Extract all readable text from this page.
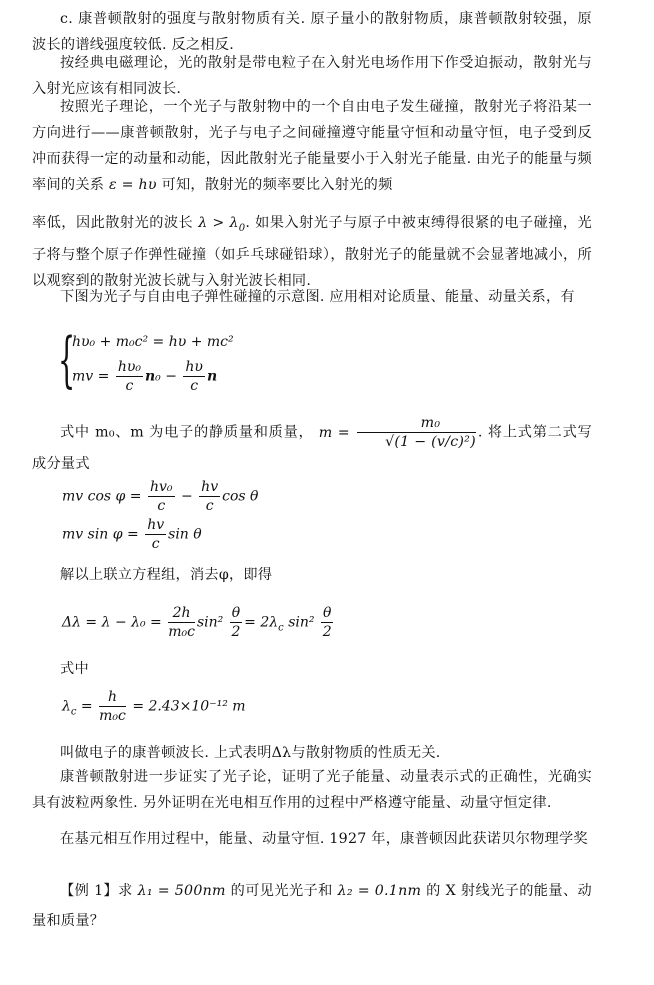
c. 康普顿散射的强度与散射物质有关. 原子量小的散射物质，康普顿散射较强，原波长的谱线强度较低. 反之相反.
按经典电磁理论，光的散射是带电粒子在入射光电场作用下作受迫振动，散射光与入射光应该有相同波长.
按照光子理论，一个光子与散射物中的一个自由电子发生碰撞，散射光子将沿某一方向进行——康普顿散射，光子与电子之间碰撞遵守能量守恒和动量守恒，电子受到反冲而获得一定的动量和动能，因此散射光子能量要小于入射光子能量. 由光子的能量与频率间的关系 ε = hυ 可知，散射光的频率要比入射光的频
率低，因此散射光的波长 $\lambda > \lambda_0$. 如果入射光子与原子中被束缚得很紧的电子碰撞，光子将与整个原子作弹性碰撞（如乒乓球碰铅球），散射光子的能量就不会显著地减小，所以观察到的散射光波长就与入射光波长相同.
下图为光子与自由电子弹性碰撞的示意图. 应用相对论质量、能量、动量关系，有
{
hυ₀ + m₀c² = hυ + mc²
mv = $\frac{\text{hυ₀}}{c} n_0 - \frac{h\upsilon}{c}$ n
式中 m₀、m 为电子的静质量和质量， $m = \frac{\text{m₀}}{\text{√(1 − (v/c)²)}}$ . 将上式第二式写成分量式
mv $\cos \varphi = \frac{\text{hv₀}}{c} - \frac{hv}{c}$ cos θ
mv $\sin \varphi = \frac{hv}{c}$ sin θ
解以上联立方程组，消去φ，即得
$\Delta\lambda = \lambda - \lambda_0 = \frac{2h}{\text{m₀c}} \sin^2 \frac{\theta}{2} = 2\lambda_c$ $\sin^2 \frac{\theta}{2}$
式中
$\lambda_c = \frac{h}{\text{m₀c}} = 2.43\times 10^{-12}$ m
叫做电子的康普顿波长. 上式表明Δλ与散射物质的性质无关.
康普顿散射进一步证实了光子论，证明了光子能量、动量表示式的正确性，光确实具有波粒两象性. 另外证明在光电相互作用的过程中严格遵守能量、动量守恒定律.
在基元相互作用过程中，能量、动量守恒. 1927 年，康普顿因此获诺贝尔物理学奖
【例 1】求 λ₁ = 500nm 的可见光光子和 λ₂ = 0.1nm 的 X 射线光子的能量、动量和质量？
